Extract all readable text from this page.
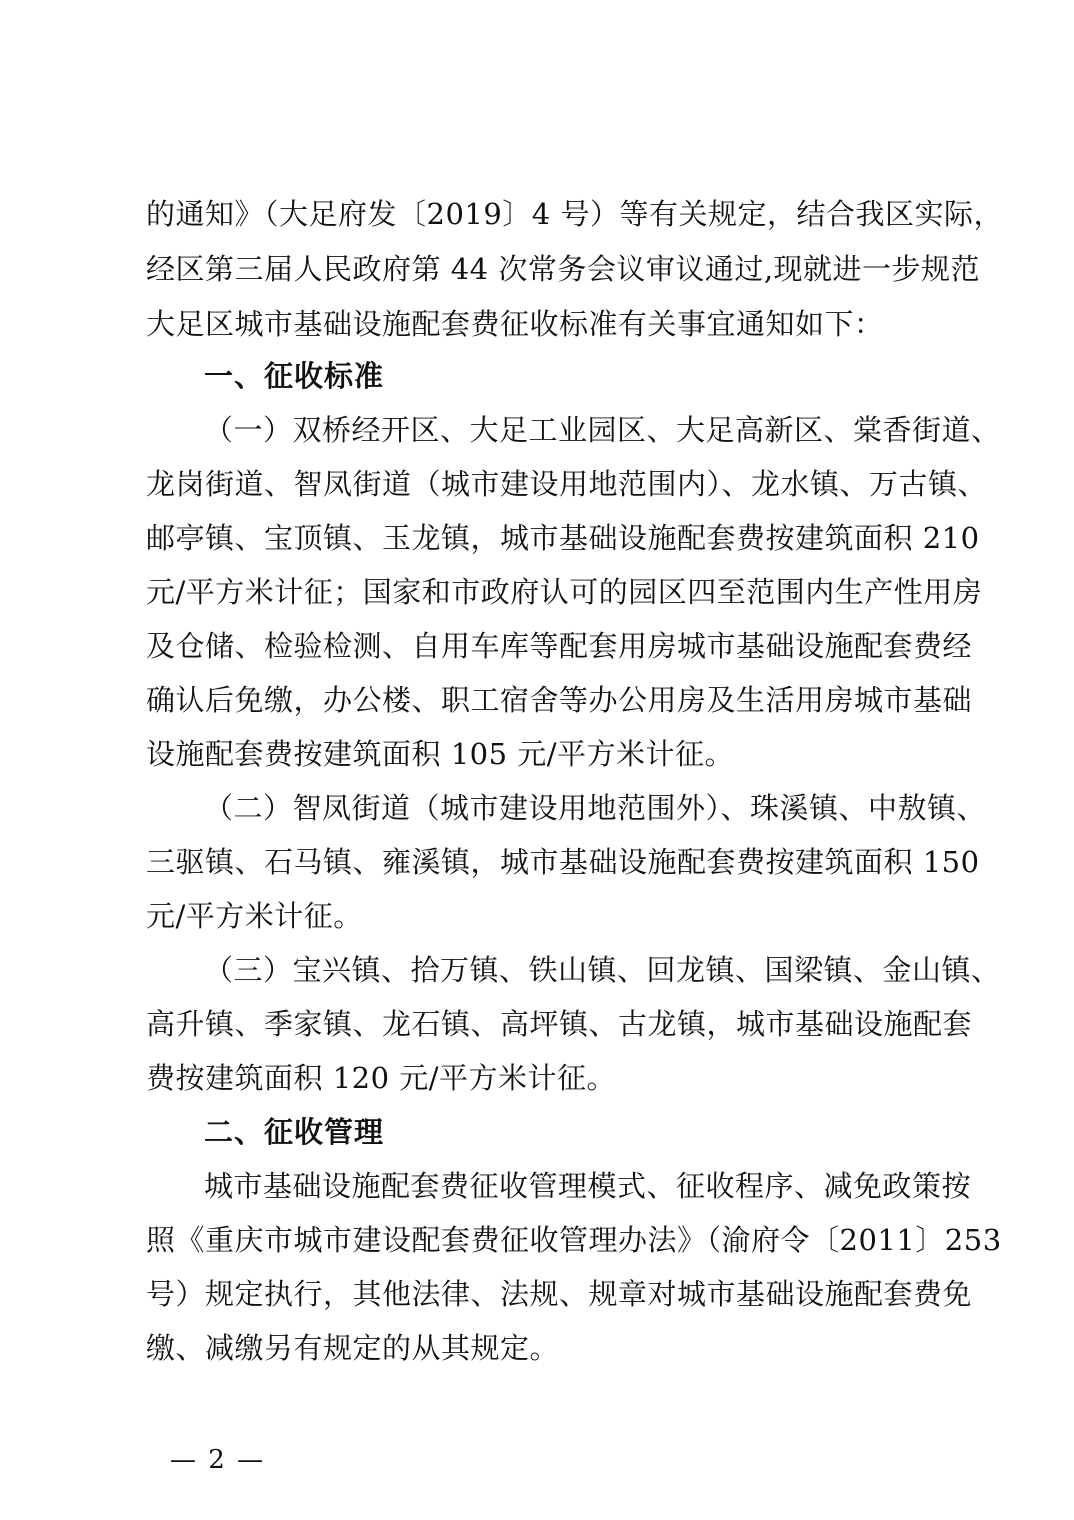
的通知》（大足府发〔2019〕4 号）等有关规定，结合我区实际，
经区第三届人民政府第 44 次常务会议审议通过,现就进一步规范
大足区城市基础设施配套费征收标准有关事宜通知如下：
一、征收标准
（一）双桥经开区、大足工业园区、大足高新区、棠香街道、
龙岗街道、智凤街道（城市建设用地范围内）、龙水镇、万古镇、
邮亭镇、宝顶镇、玉龙镇，城市基础设施配套费按建筑面积 210
元/平方米计征；国家和市政府认可的园区四至范围内生产性用房
及仓储、检验检测、自用车库等配套用房城市基础设施配套费经
确认后免缴，办公楼、职工宿舍等办公用房及生活用房城市基础
设施配套费按建筑面积 105 元/平方米计征。
（二）智凤街道（城市建设用地范围外）、珠溪镇、中敖镇、
三驱镇、石马镇、雍溪镇，城市基础设施配套费按建筑面积 150
元/平方米计征。
（三）宝兴镇、拾万镇、铁山镇、回龙镇、国梁镇、金山镇、
高升镇、季家镇、龙石镇、高坪镇、古龙镇，城市基础设施配套
费按建筑面积 120 元/平方米计征。
二、征收管理
城市基础设施配套费征收管理模式、征收程序、减免政策按
照《重庆市城市建设配套费征收管理办法》（渝府令〔2011〕253
号）规定执行，其他法律、法规、规章对城市基础设施配套费免
缴、减缴另有规定的从其规定。
— 2 —
